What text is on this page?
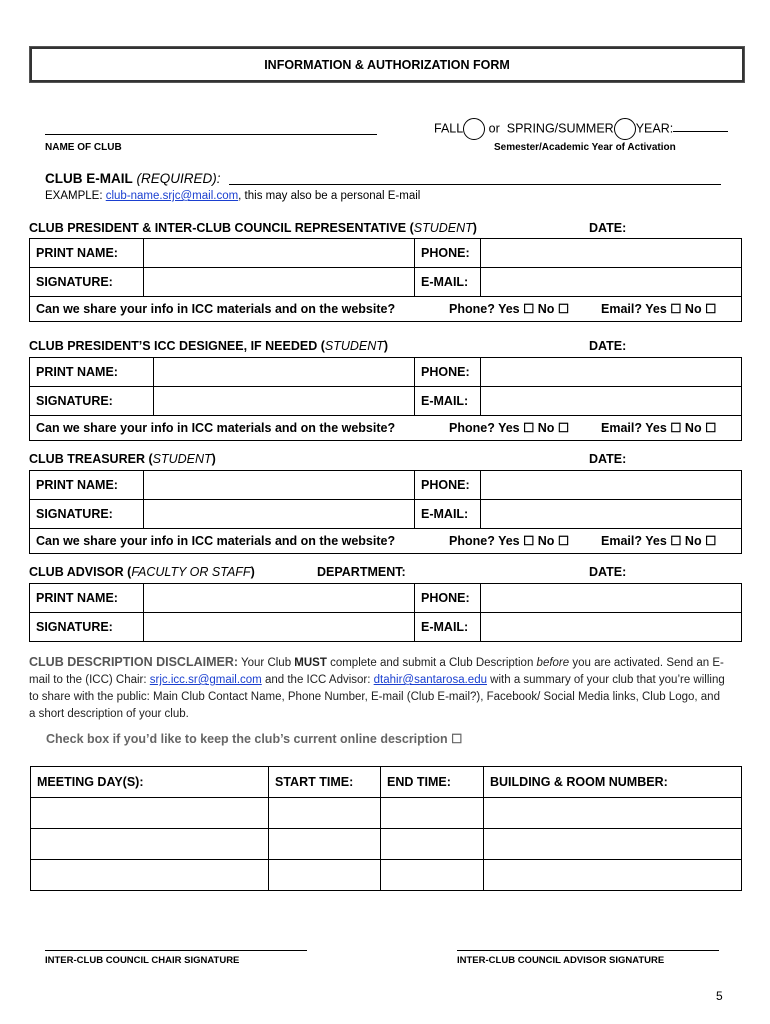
INFORMATION & AUTHORIZATION FORM
NAME OF CLUB
FALL or SPRING/SUMMER YEAR:
Semester/Academic Year of Activation
CLUB E-MAIL (REQUIRED):
EXAMPLE: club-name.srjc@mail.com, this may also be a personal E-mail
CLUB PRESIDENT & INTER-CLUB COUNCIL REPRESENTATIVE (STUDENT)	DATE:
PRINT NAME:		PHONE:	
SIGNATURE:		E-MAIL:	
Can we share your info in ICC materials and on the website?	Phone? Yes ☐ No ☐	Email? Yes ☐ No ☐
CLUB PRESIDENT’S ICC DESIGNEE, IF NEEDED (STUDENT)	DATE:
PRINT NAME:		PHONE:	
SIGNATURE:		E-MAIL:	
Can we share your info in ICC materials and on the website?	Phone? Yes ☐ No ☐	Email? Yes ☐ No ☐
CLUB TREASURER (STUDENT)	DATE:
PRINT NAME:		PHONE:	
SIGNATURE:		E-MAIL:	
Can we share your info in ICC materials and on the website?	Phone? Yes ☐ No ☐	Email? Yes ☐ No ☐
CLUB ADVISOR (FACULTY OR STAFF)	DEPARTMENT:	DATE:
PRINT NAME:		PHONE:	
SIGNATURE:		E-MAIL:	
CLUB DESCRIPTION DISCLAIMER: Your Club MUST complete and submit a Club Description before you are activated. Send an E-mail to the (ICC) Chair: srjc.icc.sr@gmail.com and the ICC Advisor: dtahir@santarosa.edu with a summary of your club that you’re willing to share with the public: Main Club Contact Name, Phone Number, E-mail (Club E-mail?), Facebook/ Social Media links, Club Logo, and a short description of your club.
Check box if you’d like to keep the club’s current online description ☐
MEETING DAY(S):	START TIME:	END TIME:	BUILDING & ROOM NUMBER:

INTER-CLUB COUNCIL CHAIR SIGNATURE	INTER-CLUB COUNCIL ADVISOR SIGNATURE
5
